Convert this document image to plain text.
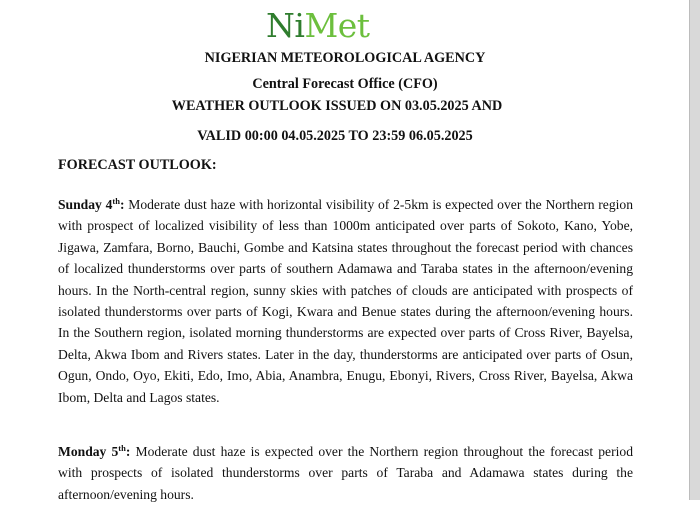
NiMet
NIGERIAN METEOROLOGICAL AGENCY
Central Forecast Office (CFO)
WEATHER OUTLOOK ISSUED ON 03.05.2025 AND
VALID 00:00 04.05.2025 TO 23:59 06.05.2025
FORECAST OUTLOOK:
Sunday 4th: Moderate dust haze with horizontal visibility of 2-5km is expected over the Northern region with prospect of localized visibility of less than 1000m anticipated over parts of Sokoto, Kano, Yobe, Jigawa, Zamfara, Borno, Bauchi, Gombe and Katsina states throughout the forecast period with chances of localized thunderstorms over parts of southern Adamawa and Taraba states in the afternoon/evening hours. In the North-central region, sunny skies with patches of clouds are anticipated with prospects of isolated thunderstorms over parts of Kogi, Kwara and Benue states during the afternoon/evening hours. In the Southern region, isolated morning thunderstorms are expected over parts of Cross River, Bayelsa, Delta, Akwa Ibom and Rivers states. Later in the day, thunderstorms are anticipated over parts of Osun, Ogun, Ondo, Oyo, Ekiti, Edo, Imo, Abia, Anambra, Enugu, Ebonyi, Rivers, Cross River, Bayelsa, Akwa Ibom, Delta and Lagos states.
Monday 5th: Moderate dust haze is expected over the Northern region throughout the forecast period with prospects of isolated thunderstorms over parts of Taraba and Adamawa states during the afternoon/evening hours.
